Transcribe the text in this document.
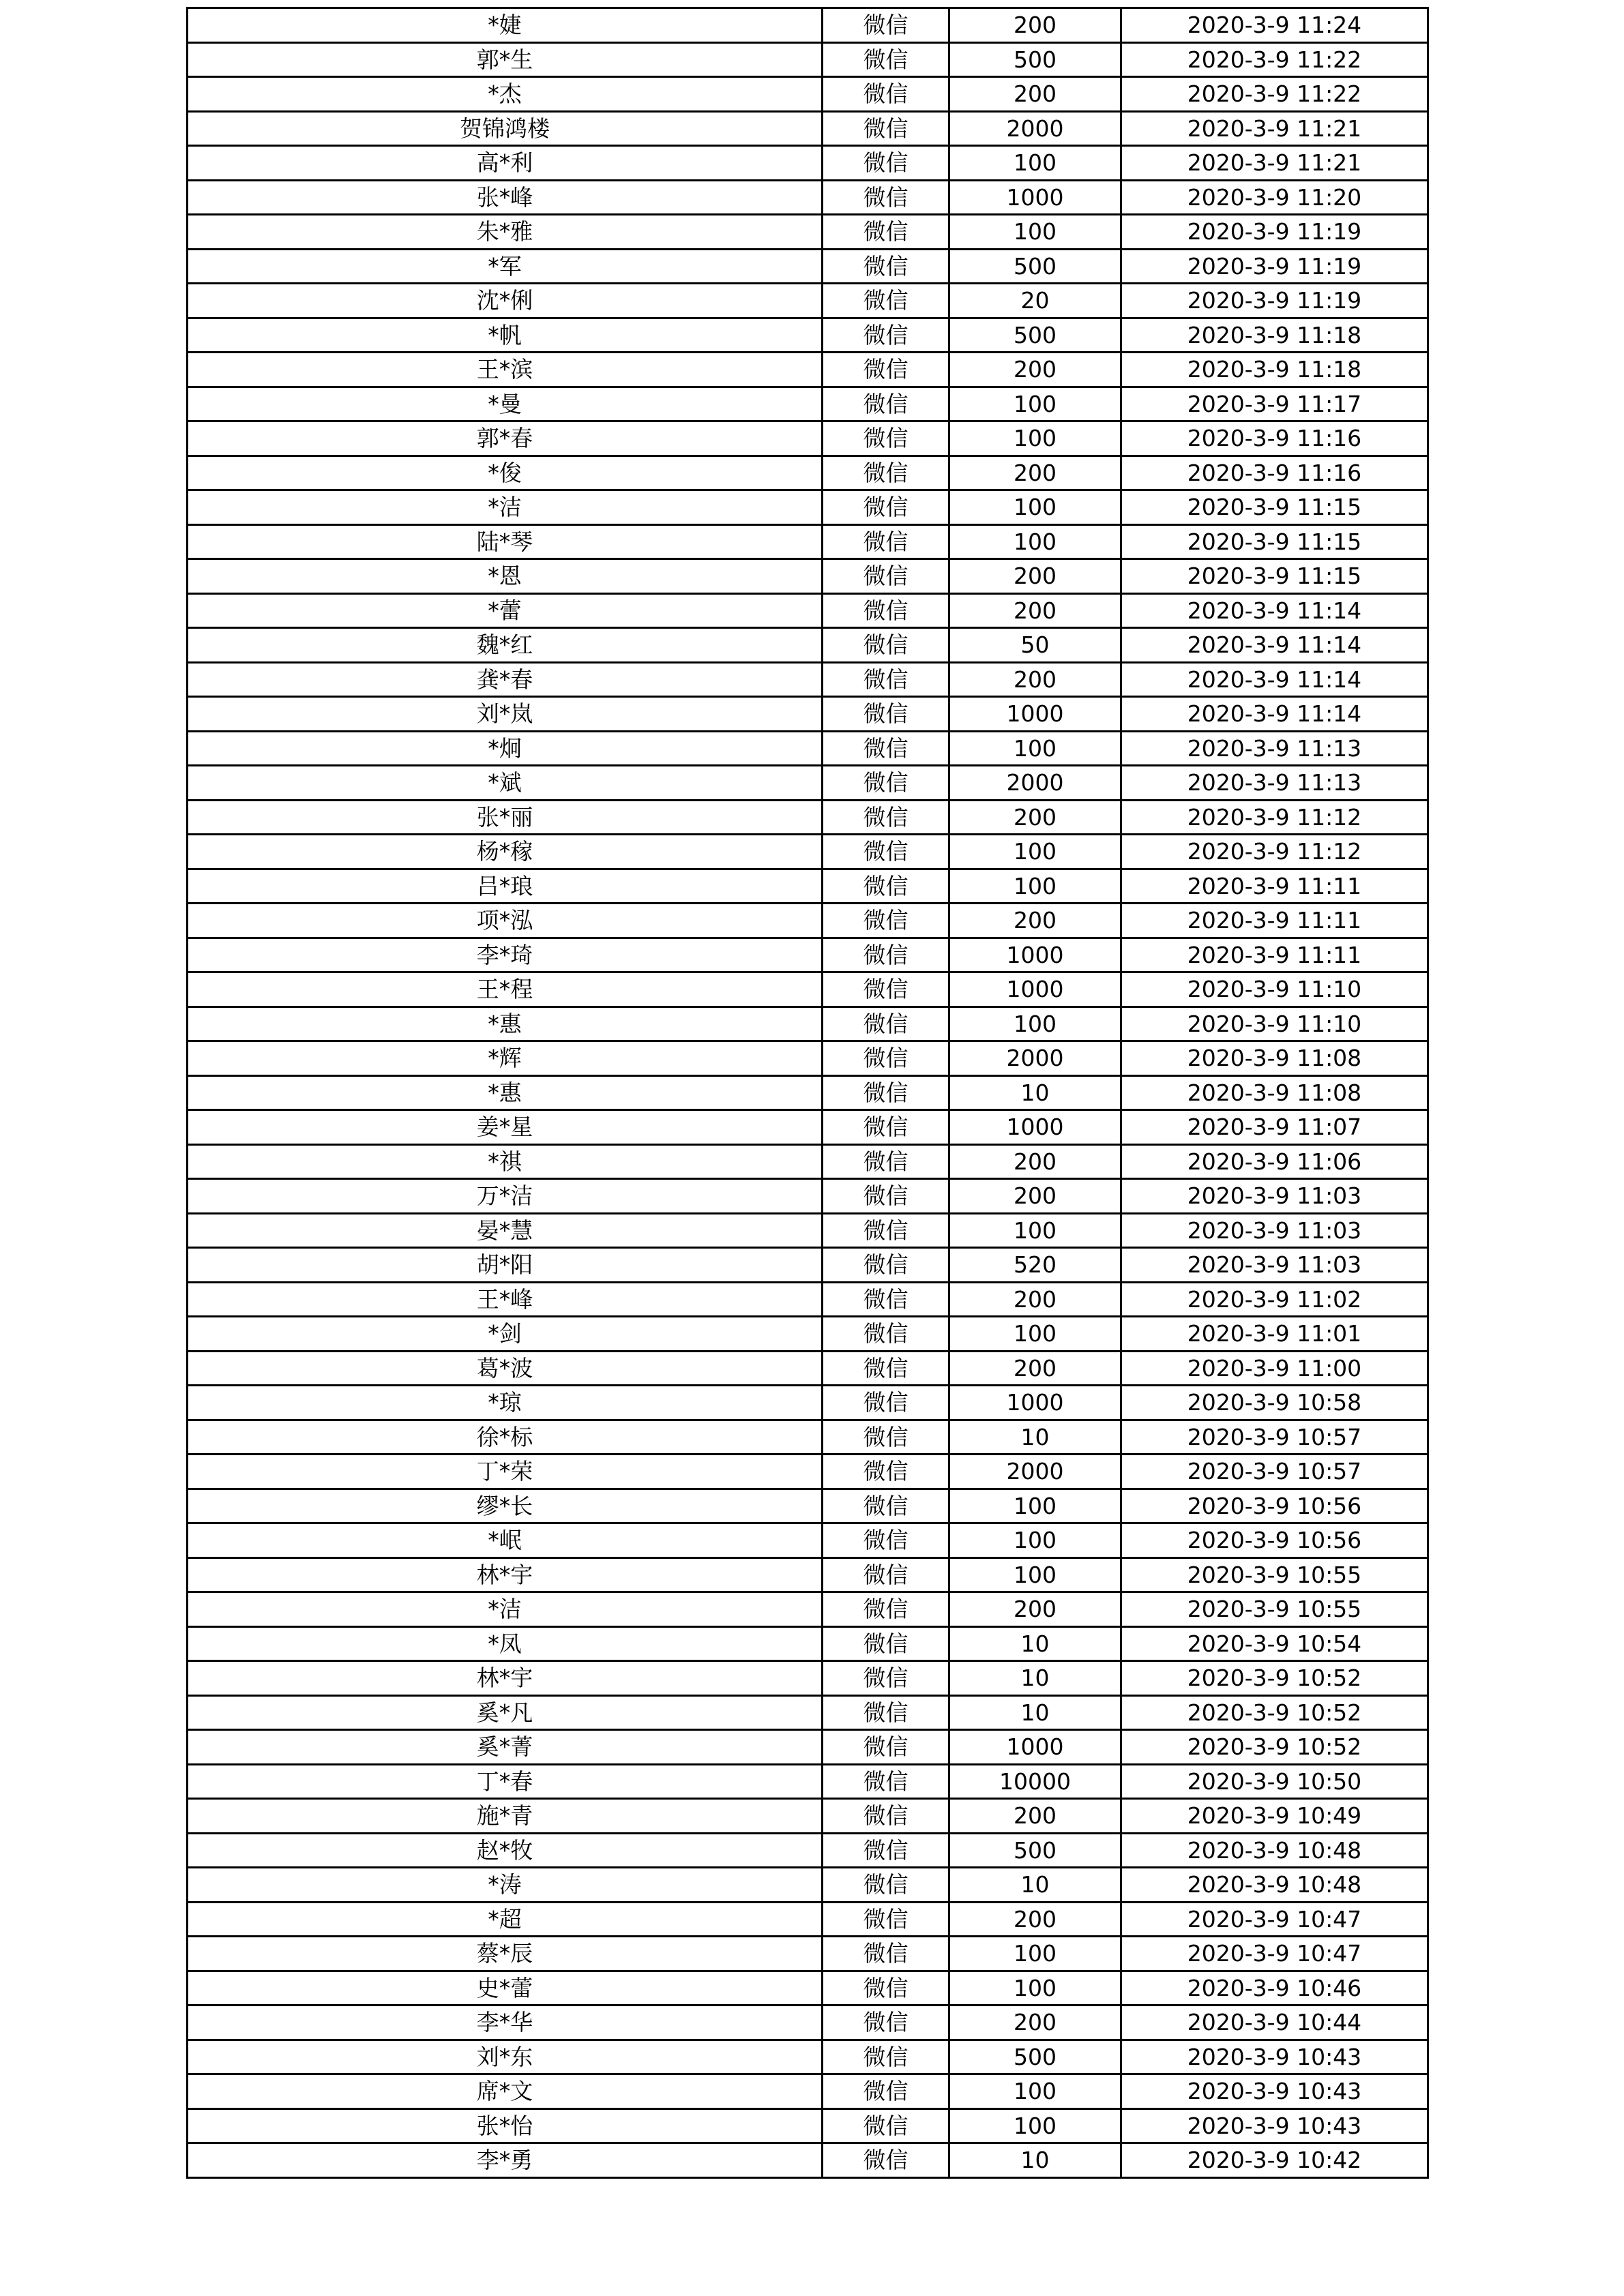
*婕	微信	200	2020-3-9 11:24
郭*生	微信	500	2020-3-9 11:22
*杰	微信	200	2020-3-9 11:22
贺锦鸿楼	微信	2000	2020-3-9 11:21
高*利	微信	100	2020-3-9 11:21
张*峰	微信	1000	2020-3-9 11:20
朱*雅	微信	100	2020-3-9 11:19
*军	微信	500	2020-3-9 11:19
沈*俐	微信	20	2020-3-9 11:19
*帆	微信	500	2020-3-9 11:18
王*滨	微信	200	2020-3-9 11:18
*曼	微信	100	2020-3-9 11:17
郭*春	微信	100	2020-3-9 11:16
*俊	微信	200	2020-3-9 11:16
*洁	微信	100	2020-3-9 11:15
陆*琴	微信	100	2020-3-9 11:15
*恩	微信	200	2020-3-9 11:15
*蕾	微信	200	2020-3-9 11:14
魏*红	微信	50	2020-3-9 11:14
龚*春	微信	200	2020-3-9 11:14
刘*岚	微信	1000	2020-3-9 11:14
*炯	微信	100	2020-3-9 11:13
*斌	微信	2000	2020-3-9 11:13
张*丽	微信	200	2020-3-9 11:12
杨*稼	微信	100	2020-3-9 11:12
吕*琅	微信	100	2020-3-9 11:11
项*泓	微信	200	2020-3-9 11:11
李*琦	微信	1000	2020-3-9 11:11
王*程	微信	1000	2020-3-9 11:10
*惠	微信	100	2020-3-9 11:10
*辉	微信	2000	2020-3-9 11:08
*惠	微信	10	2020-3-9 11:08
姜*星	微信	1000	2020-3-9 11:07
*祺	微信	200	2020-3-9 11:06
万*洁	微信	200	2020-3-9 11:03
晏*慧	微信	100	2020-3-9 11:03
胡*阳	微信	520	2020-3-9 11:03
王*峰	微信	200	2020-3-9 11:02
*剑	微信	100	2020-3-9 11:01
葛*波	微信	200	2020-3-9 11:00
*琼	微信	1000	2020-3-9 10:58
徐*标	微信	10	2020-3-9 10:57
丁*荣	微信	2000	2020-3-9 10:57
缪*长	微信	100	2020-3-9 10:56
*岷	微信	100	2020-3-9 10:56
林*宇	微信	100	2020-3-9 10:55
*洁	微信	200	2020-3-9 10:55
*凤	微信	10	2020-3-9 10:54
林*宇	微信	10	2020-3-9 10:52
奚*凡	微信	10	2020-3-9 10:52
奚*菁	微信	1000	2020-3-9 10:52
丁*春	微信	10000	2020-3-9 10:50
施*青	微信	200	2020-3-9 10:49
赵*牧	微信	500	2020-3-9 10:48
*涛	微信	10	2020-3-9 10:48
*超	微信	200	2020-3-9 10:47
蔡*辰	微信	100	2020-3-9 10:47
史*蕾	微信	100	2020-3-9 10:46
李*华	微信	200	2020-3-9 10:44
刘*东	微信	500	2020-3-9 10:43
席*文	微信	100	2020-3-9 10:43
张*怡	微信	100	2020-3-9 10:43
李*勇	微信	10	2020-3-9 10:42
